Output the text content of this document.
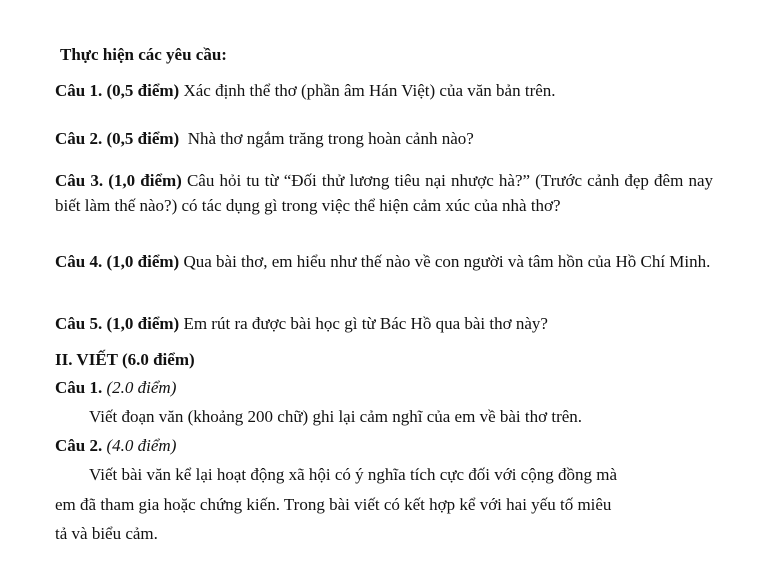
Thực hiện các yêu cầu:
Câu 1. (0,5 điểm) Xác định thể thơ (phần âm Hán Việt) của văn bản trên.
Câu 2. (0,5 điểm)  Nhà thơ ngắm trăng trong hoàn cảnh nào?
Câu 3. (1,0 điểm) Câu hỏi tu từ “Đối thử lương tiêu nại nhược hà?” (Trước cảnh đẹp đêm nay biết làm thế nào?) có tác dụng gì trong việc thể hiện cảm xúc của nhà thơ?
Câu 4. (1,0 điểm) Qua bài thơ, em hiểu như thế nào về con người và tâm hồn của Hồ Chí Minh.
Câu 5. (1,0 điểm) Em rút ra được bài học gì từ Bác Hồ qua bài thơ này?
II. VIẾT (6.0 điểm)
Câu 1. (2.0 điểm)
Viết đoạn văn (khoảng 200 chữ) ghi lại cảm nghĩ của em về bài thơ trên.
Câu 2. (4.0 điểm)
Viết bài văn kể lại hoạt động xã hội có ý nghĩa tích cực đối với cộng đồng mà
em đã tham gia hoặc chứng kiến. Trong bài viết có kết hợp kể với hai yếu tố miêu
tả và biểu cảm.
